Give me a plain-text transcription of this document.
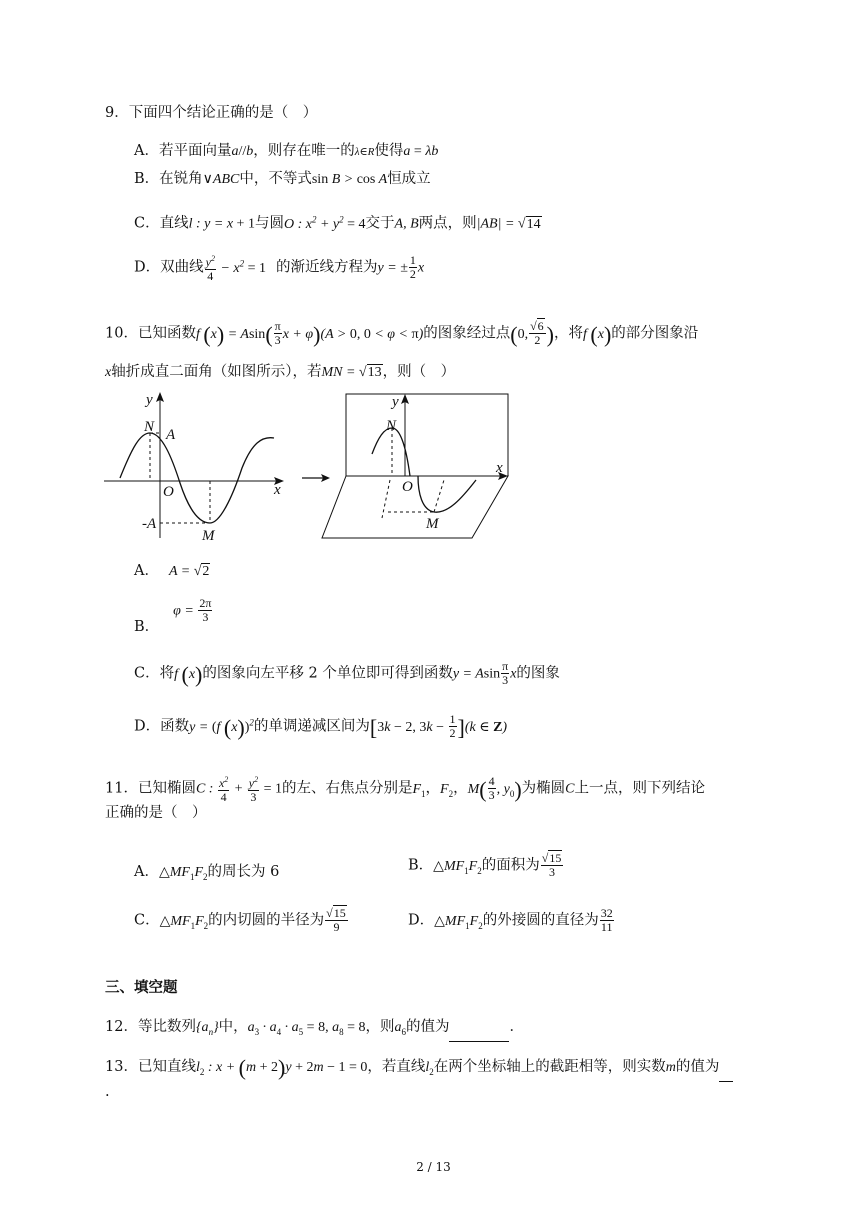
9．下面四个结论正确的是（　）
A．若平面向量a//b，则存在唯一的λ∈R使得a = λb
B．在锐角∨ABC中，不等式sin B > cos A恒成立
C．直线l : y = x + 1与圆O : $x^2 + y^2 = 4$交于A, B两点，则|AB| = √14
D．双曲线 $\frac{y^2}{4} - x^2 = 1$ 的渐近线方程为y = ± $\frac{1}{2}$ x
10．已知函数f $(x) = Asin( \frac{\pi}{3}$ x + φ)(A > 0, 0 < φ < π)的图象经过点(0, $\frac{√6}{2}$ )，将f (x)的部分图象沿
x轴折成直二面角（如图所示），若MN = √13，则（　）
y
N A
O	x
-A
M
y
N
O
x
M
A． A = √2
B．$\varphi = \frac{2\pi}{3}$
C．将f (x)的图象向左平移 2 个单位即可得到函数y = Asin $\frac{\pi}{3}$ x的图象
D．函数y = (f (x))$^2$的单调递减区间为[3k − 2, $3k - \frac{1}{2} ](k$ ∈ Z)
11．已知椭圆C : $\frac{x^2}{4} + \frac{y^2}{3} = 1$的左、右焦点分别是$F_1$，$F_2$，$M( \frac{4}{3}$ , $y_0$)为椭圆C上一点，则下列结论
正确的是（　）
A．$\triangle MF_1F_2$的周长为 6	B．$\triangle MF_1F_2$的面积为 $\frac{√15}{3}$
C．$\triangle MF_1F_2$的内切圆的半径为 $\frac{√15}{9}$	D．$\triangle MF_1F_2$的外接圆的直径为 $\frac{32}{11}$
三、填空题
12．等比数列$\{a_n\}$中，$a_3 \cdot a_4 \cdot a_5 = 8$, $a_8 = 8$，则$a_6$的值为	．
13．已知直线$l_2$ : x + (m + 2)y + 2m − 1 = 0，若直线$l_2$在两个坐标轴上的截距相等，则实数m的值为
.
2 / 13
